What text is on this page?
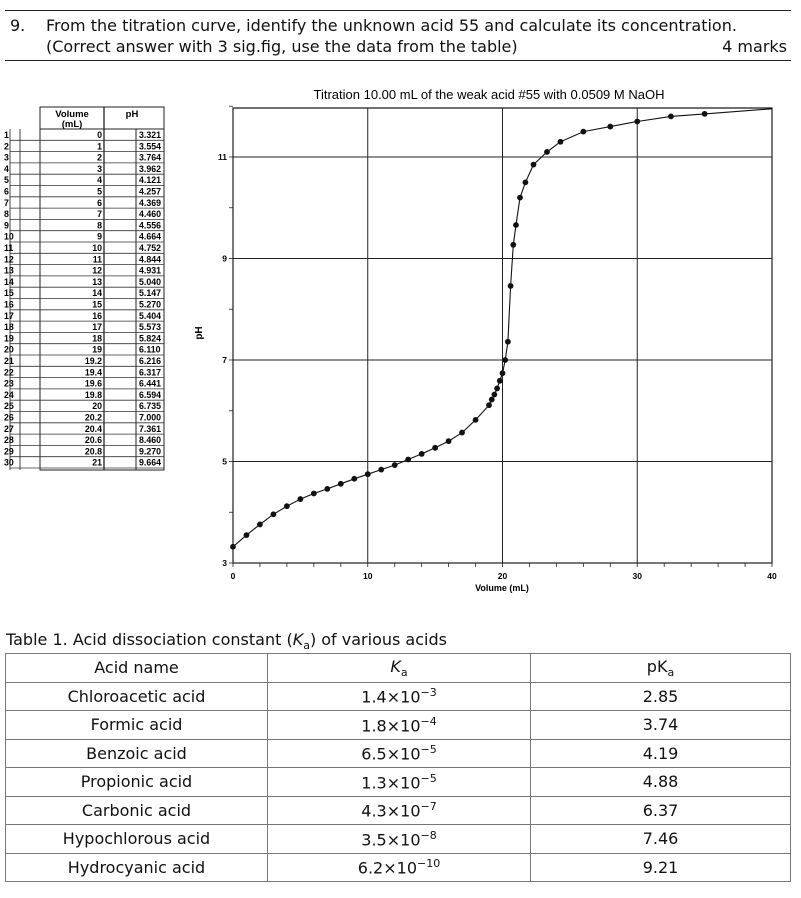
9. From the titration curve, identify the unknown acid 55 and calculate its concentration.
(Correct answer with 3 sig.fig, use the data from the table)	4 marks
Volume
(mL)
pH
1	0	3.321
2	1	3.554
3	2	3.764
4	3	3.962
5	4	4.121
6	5	4.257
7	6	4.369
8	7	4.460
9	8	4.556
10	9	4.664
11	10	4.752
12	11	4.844
13	12	4.931
14	13	5.040
15	14	5.147
16	15	5.270
17	16	5.404
18	17	5.573
19	18	5.824
20	19	6.110
21	19.2	6.216
22	19.4	6.317
23	19.6	6.441
24	19.8	6.594
25	20	6.735
26	20.2	7.000
27	20.4	7.361
28	20.6	8.460
29	20.8	9.270
30	21	9.664
Titration 10.00 mL of the weak acid #55 with 0.0509 M NaOH
0	10	20	30	40
3
5
7
9
11
pH
Volume (mL)
Table 1. Acid dissociation constant $(K_a)$ of various acids
Acid name	$K_a$	$pK_a$
Chloroacetic acid	$1.4\times 10^{-3}$	2.85
Formic acid	$1.8\times 10^{-4}$	3.74
Benzoic acid	$6.5\times 10^{-5}$	4.19
Propionic acid	$1.3\times 10^{-5}$	4.88
Carbonic acid	$4.3\times 10^{-7}$	6.37
Hypochlorous acid	$3.5\times 10^{-8}$	7.46
Hydrocyanic acid	$6.2\times 10^{-10}$	9.21
